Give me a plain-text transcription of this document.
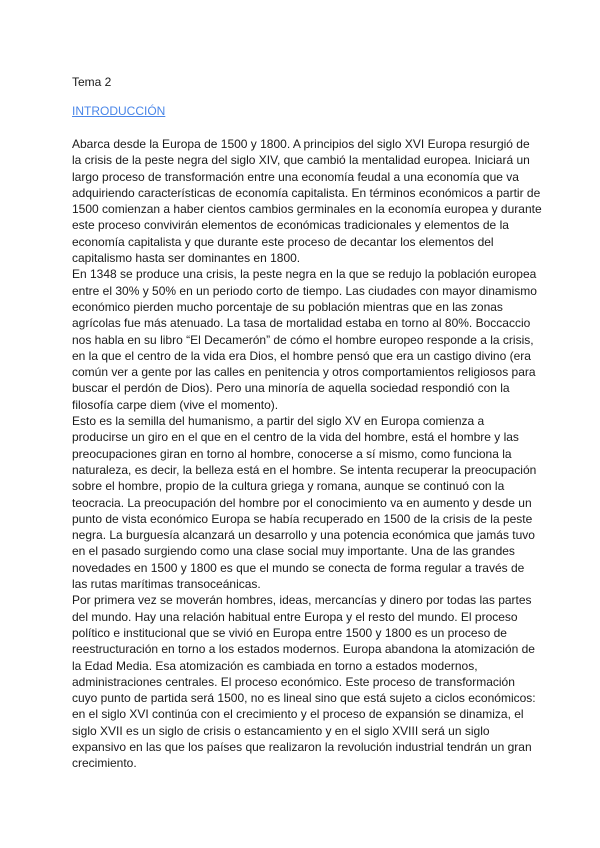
Tema 2
INTRODUCCIÓN

Abarca desde la Europa de 1500 y 1800. A principios del siglo XVI Europa resurgió de la crisis de la peste negra del siglo XIV, que cambió la mentalidad europea. Iniciará un largo proceso de transformación entre una economía feudal a una economía que va adquiriendo características de economía capitalista. En términos económicos a partir de 1500 comienzan a haber cientos cambios germinales en la economía europea y durante este proceso convivirán elementos de económicas tradicionales y elementos de la economía capitalista y que durante este proceso de decantar los elementos del capitalismo hasta ser dominantes en 1800.

En 1348 se produce una crisis, la peste negra en la que se redujo la población europea entre el 30% y 50% en un periodo corto de tiempo. Las ciudades con mayor dinamismo económico pierden mucho porcentaje de su población mientras que en las zonas agrícolas fue más atenuado. La tasa de mortalidad estaba en torno al 80%. Boccaccio nos habla en su libro “El Decamerón” de cómo el hombre europeo responde a la crisis, en la que el centro de la vida era Dios, el hombre pensó que era un castigo divino (era común ver a gente por las calles en penitencia y otros comportamientos religiosos para buscar el perdón de Dios). Pero una minoría de aquella sociedad respondió con la filosofía carpe diem (vive el momento).

Esto es la semilla del humanismo, a partir del siglo XV en Europa comienza a producirse un giro en el que en el centro de la vida del hombre, está el hombre y las preocupaciones giran en torno al hombre, conocerse a sí mismo, como funciona la naturaleza, es decir, la belleza está en el hombre. Se intenta recuperar la preocupación sobre el hombre, propio de la cultura griega y romana, aunque se continuó con la teocracia. La preocupación del hombre por el conocimiento va en aumento y desde un punto de vista económico Europa se había recuperado en 1500 de la crisis de la peste negra. La burguesía alcanzará un desarrollo y una potencia económica que jamás tuvo en el pasado surgiendo como una clase social muy importante. Una de las grandes novedades en 1500 y 1800 es que el mundo se conecta de forma regular a través de las rutas marítimas transoceánicas.

Por primera vez se moverán hombres, ideas, mercancías y dinero por todas las partes del mundo. Hay una relación habitual entre Europa y el resto del mundo. El proceso político e institucional que se vivió en Europa entre 1500 y 1800 es un proceso de reestructuración en torno a los estados modernos. Europa abandona la atomización de la Edad Media. Esa atomización es cambiada en torno a estados modernos, administraciones centrales. El proceso económico. Este proceso de transformación cuyo punto de partida será 1500, no es lineal sino que está sujeto a ciclos económicos: en el siglo XVI continúa con el crecimiento y el proceso de expansión se dinamiza, el siglo XVII es un siglo de crisis o estancamiento y en el siglo XVIII será un siglo expansivo en las que los países que realizaron la revolución industrial tendrán un gran crecimiento.
